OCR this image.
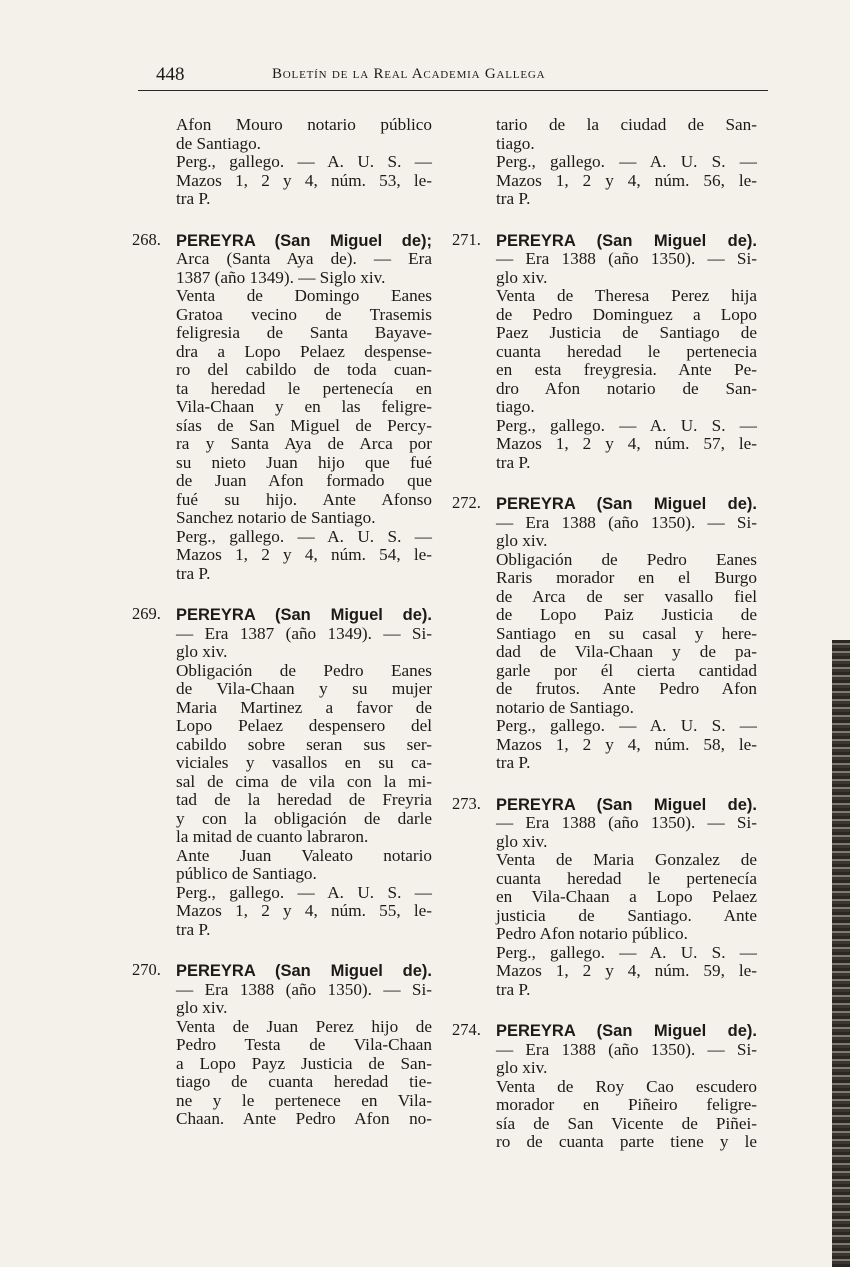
448	Boletín de la Real Academia Gallega
Afon Mouro notario público
de Santiago.
Perg., gallego. — A. U. S. —
Mazos 1, 2 y 4, núm. 53, le-
tra P.
268. PEREYRA (San Miguel de);
Arca (Santa Aya de). — Era
1387 (año 1349). — Siglo xiv.
Venta de Domingo Eanes
Gratoa vecino de Trasemis
feligresia de Santa Bayave-
dra a Lopo Pelaez despense-
ro del cabildo de toda cuan-
ta heredad le pertenecía en
Vila-Chaan y en las feligre-
sías de San Miguel de Percy-
ra y Santa Aya de Arca por
su nieto Juan hijo que fué
de Juan Afon formado que
fué su hijo. Ante Afonso
Sanchez notario de Santiago.
Perg., gallego. — A. U. S. —
Mazos 1, 2 y 4, núm. 54, le-
tra P.
269. PEREYRA (San Miguel de).
— Era 1387 (año 1349). — Si-
glo xiv.
Obligación de Pedro Eanes
de Vila-Chaan y su mujer
Maria Martinez a favor de
Lopo Pelaez despensero del
cabildo sobre seran sus ser-
viciales y vasallos en su ca-
sal de cima de vila con la mi-
tad de la heredad de Freyria
y con la obligación de darle
la mitad de cuanto labraron.
Ante Juan Valeato notario
público de Santiago.
Perg., gallego. — A. U. S. —
Mazos 1, 2 y 4, núm. 55, le-
tra P.
270. PEREYRA (San Miguel de).
— Era 1388 (año 1350). — Si-
glo xiv.
Venta de Juan Perez hijo de
Pedro Testa de Vila-Chaan
a Lopo Payz Justicia de San-
tiago de cuanta heredad tie-
ne y le pertenece en Vila-
Chaan. Ante Pedro Afon no-
tario de la ciudad de San-
tiago.
Perg., gallego. — A. U. S. —
Mazos 1, 2 y 4, núm. 56, le-
tra P.
271. PEREYRA (San Miguel de).
— Era 1388 (año 1350). — Si-
glo xiv.
Venta de Theresa Perez hija
de Pedro Dominguez a Lopo
Paez Justicia de Santiago de
cuanta heredad le pertenecia
en esta freygresia. Ante Pe-
dro Afon notario de San-
tiago.
Perg., gallego. — A. U. S. —
Mazos 1, 2 y 4, núm. 57, le-
tra P.
272. PEREYRA (San Miguel de).
— Era 1388 (año 1350). — Si-
glo xiv.
Obligación de Pedro Eanes
Raris morador en el Burgo
de Arca de ser vasallo fiel
de Lopo Paiz Justicia de
Santiago en su casal y here-
dad de Vila-Chaan y de pa-
garle por él cierta cantidad
de frutos. Ante Pedro Afon
notario de Santiago.
Perg., gallego. — A. U. S. —
Mazos 1, 2 y 4, núm. 58, le-
tra P.
273. PEREYRA (San Miguel de).
— Era 1388 (año 1350). — Si-
glo xiv.
Venta de Maria Gonzalez de
cuanta heredad le pertenecía
en Vila-Chaan a Lopo Pelaez
justicia de Santiago. Ante
Pedro Afon notario público.
Perg., gallego. — A. U. S. —
Mazos 1, 2 y 4, núm. 59, le-
tra P.
274. PEREYRA (San Miguel de).
— Era 1388 (año 1350). — Si-
glo xiv.
Venta de Roy Cao escudero
morador en Piñeiro feligre-
sía de San Vicente de Piñei-
ro de cuanta parte tiene y le
